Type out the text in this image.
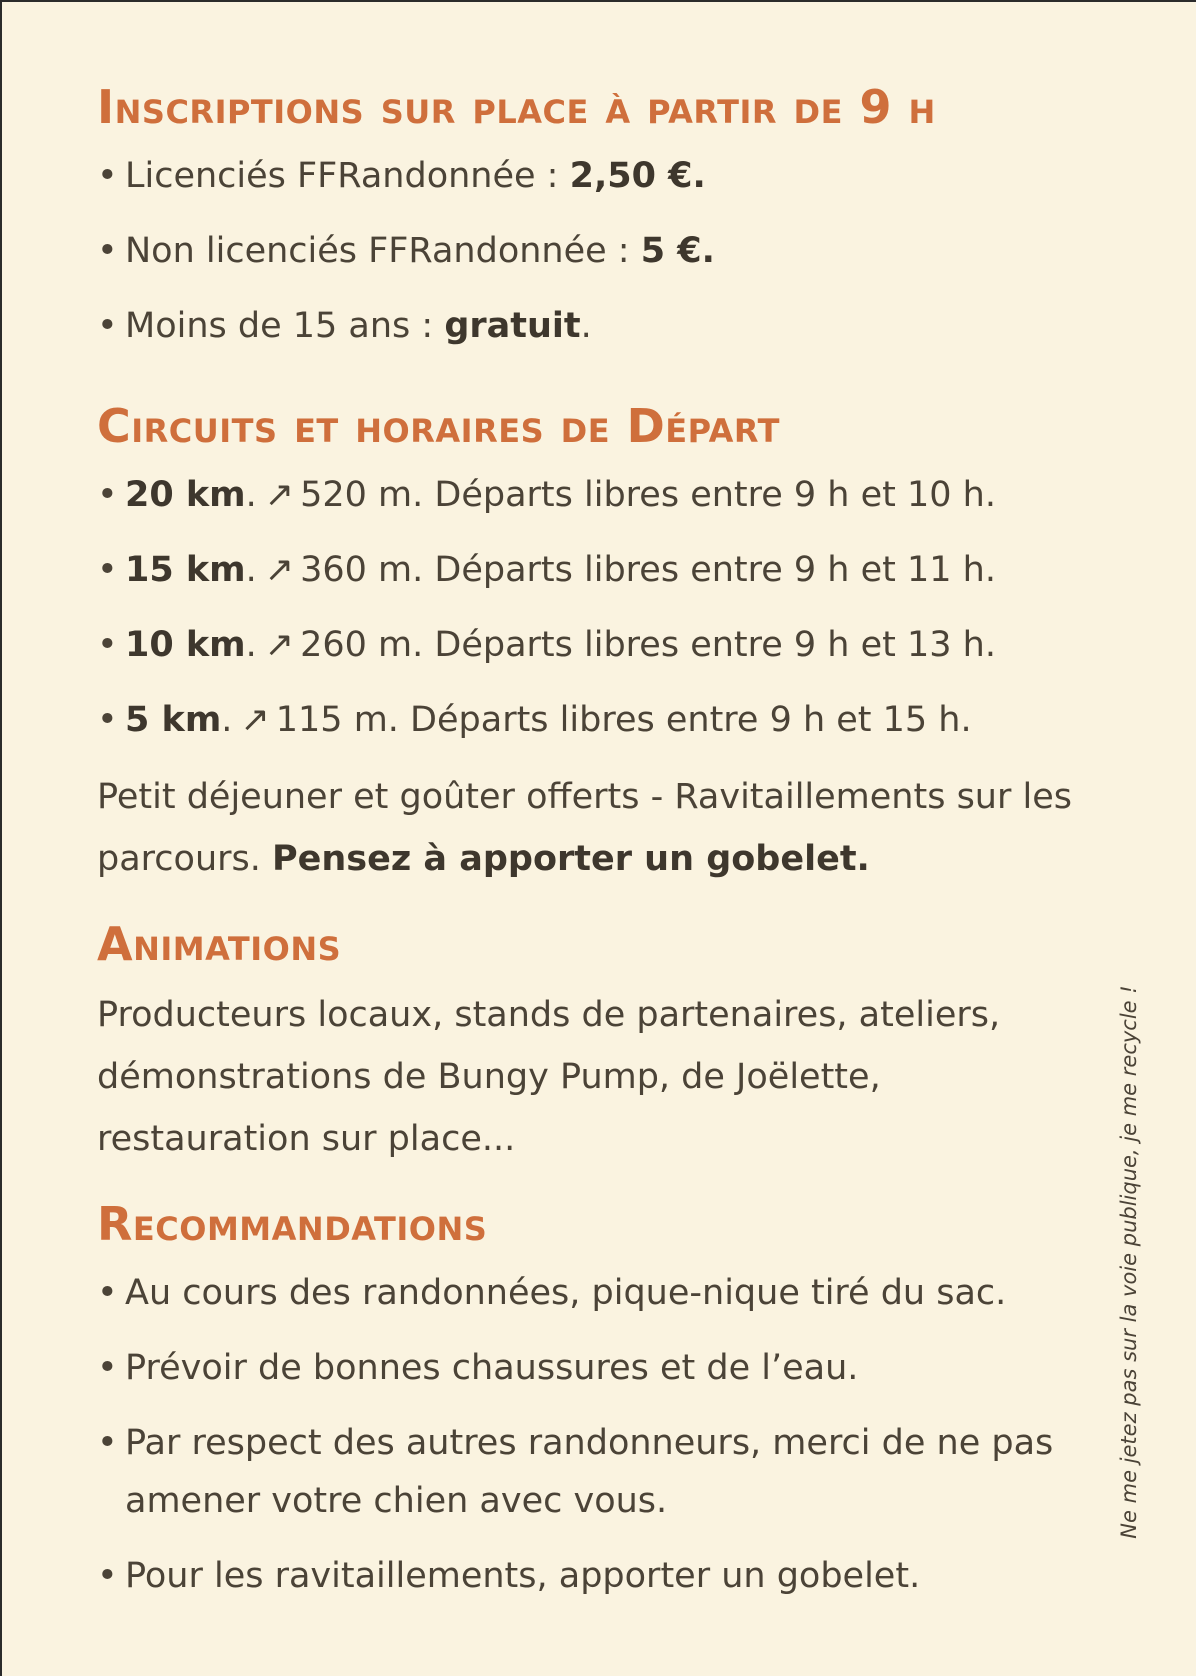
Inscriptions sur place à partir de 9 h
• Licenciés FFRandonnée : 2,50 €.
• Non licenciés FFRandonnée : 5 €.
• Moins de 15 ans : gratuit.
Circuits et horaires de Départ
• 20 km. ↗ 520 m. Départs libres entre 9 h et 10 h.
• 15 km. ↗ 360 m. Départs libres entre 9 h et 11 h.
• 10 km. ↗ 260 m. Départs libres entre 9 h et 13 h.
• 5 km. ↗ 115 m. Départs libres entre 9 h et 15 h.

Petit déjeuner et goûter offerts - Ravitaillements sur les parcours. Pensez à apporter un gobelet.

Animations

Producteurs locaux, stands de partenaires, ateliers, démonstrations de Bungy Pump, de Joëlette, restauration sur place...

Recommandations
• Au cours des randonnées, pique-nique tiré du sac.
• Prévoir de bonnes chaussures et de l’eau.
• Par respect des autres randonneurs, merci de ne pas amener votre chien avec vous.
• Pour les ravitaillements, apporter un gobelet.
Ne me jetez pas sur la voie publique, je me recycle !
